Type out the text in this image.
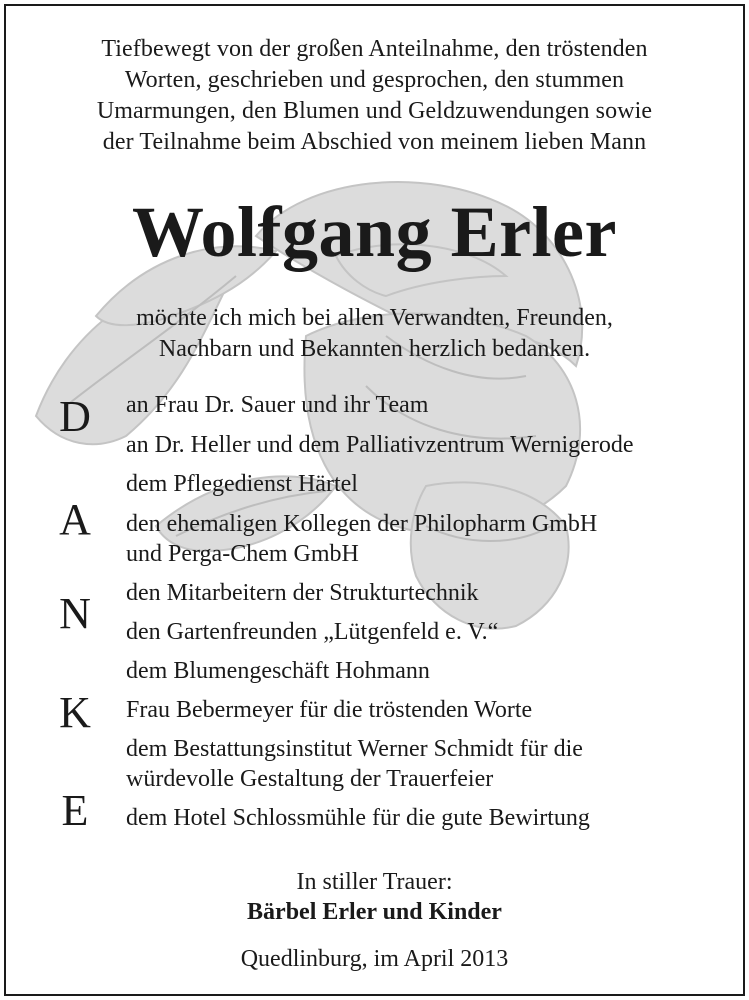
Tiefbewegt von der großen Anteilnahme, den tröstenden
Worten, geschrieben und gesprochen, den stummen
Umarmungen, den Blumen und Geldzuwendungen sowie
der Teilnahme beim Abschied von meinem lieben Mann
Wolfgang Erler
möchte ich mich bei allen Verwandten, Freunden,
Nachbarn und Bekannten herzlich bedanken.
D
A
N
K
E
an Frau Dr. Sauer und ihr Team
an Dr. Heller und dem Palliativzentrum Wernigerode
dem Pflegedienst Härtel
den ehemaligen Kollegen der Philopharm GmbH
und Perga-Chem GmbH
den Mitarbeitern der Strukturtechnik
den Gartenfreunden „Lütgenfeld e. V.“
dem Blumengeschäft Hohmann
Frau Bebermeyer für die tröstenden Worte
dem Bestattungsinstitut Werner Schmidt für die
würdevolle Gestaltung der Trauerfeier
dem Hotel Schlossmühle für die gute Bewirtung
In stiller Trauer:
Bärbel Erler und Kinder
Quedlinburg, im April 2013
